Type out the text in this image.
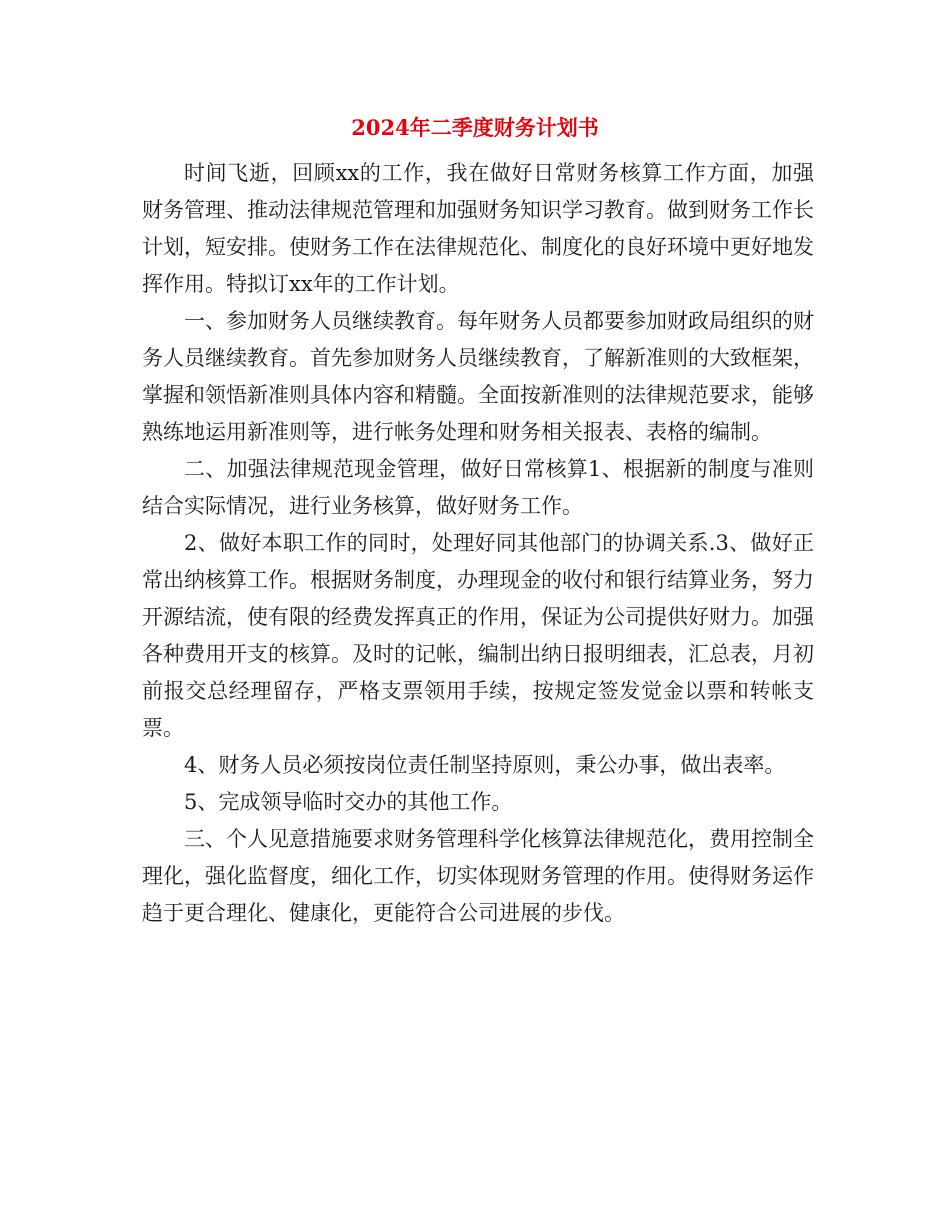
2024年二季度财务计划书

时间飞逝，回顾xx的工作，我在做好日常财务核算工作方面，加强财务管理、推动法律规范管理和加强财务知识学习教育。做到财务工作长计划，短安排。使财务工作在法律规范化、制度化的良好环境中更好地发挥作用。特拟订xx年的工作计划。

一、参加财务人员继续教育。每年财务人员都要参加财政局组织的财务人员继续教育。首先参加财务人员继续教育，了解新准则的大致框架，掌握和领悟新准则具体内容和精髓。全面按新准则的法律规范要求，能够熟练地运用新准则等，进行帐务处理和财务相关报表、表格的编制。

二、加强法律规范现金管理，做好日常核算1、根据新的制度与准则结合实际情况，进行业务核算，做好财务工作。

2、做好本职工作的同时，处理好同其他部门的协调关系.3、做好正常出纳核算工作。根据财务制度，办理现金的收付和银行结算业务，努力开源结流，使有限的经费发挥真正的作用，保证为公司提供好财力。加强各种费用开支的核算。及时的记帐，编制出纳日报明细表，汇总表，月初前报交总经理留存，严格支票领用手续，按规定签发觉金以票和转帐支票。

4、财务人员必须按岗位责任制坚持原则，秉公办事，做出表率。

5、完成领导临时交办的其他工作。

三、个人见意措施要求财务管理科学化核算法律规范化，费用控制全理化，强化监督度，细化工作，切实体现财务管理的作用。使得财务运作趋于更合理化、健康化，更能符合公司进展的步伐。
